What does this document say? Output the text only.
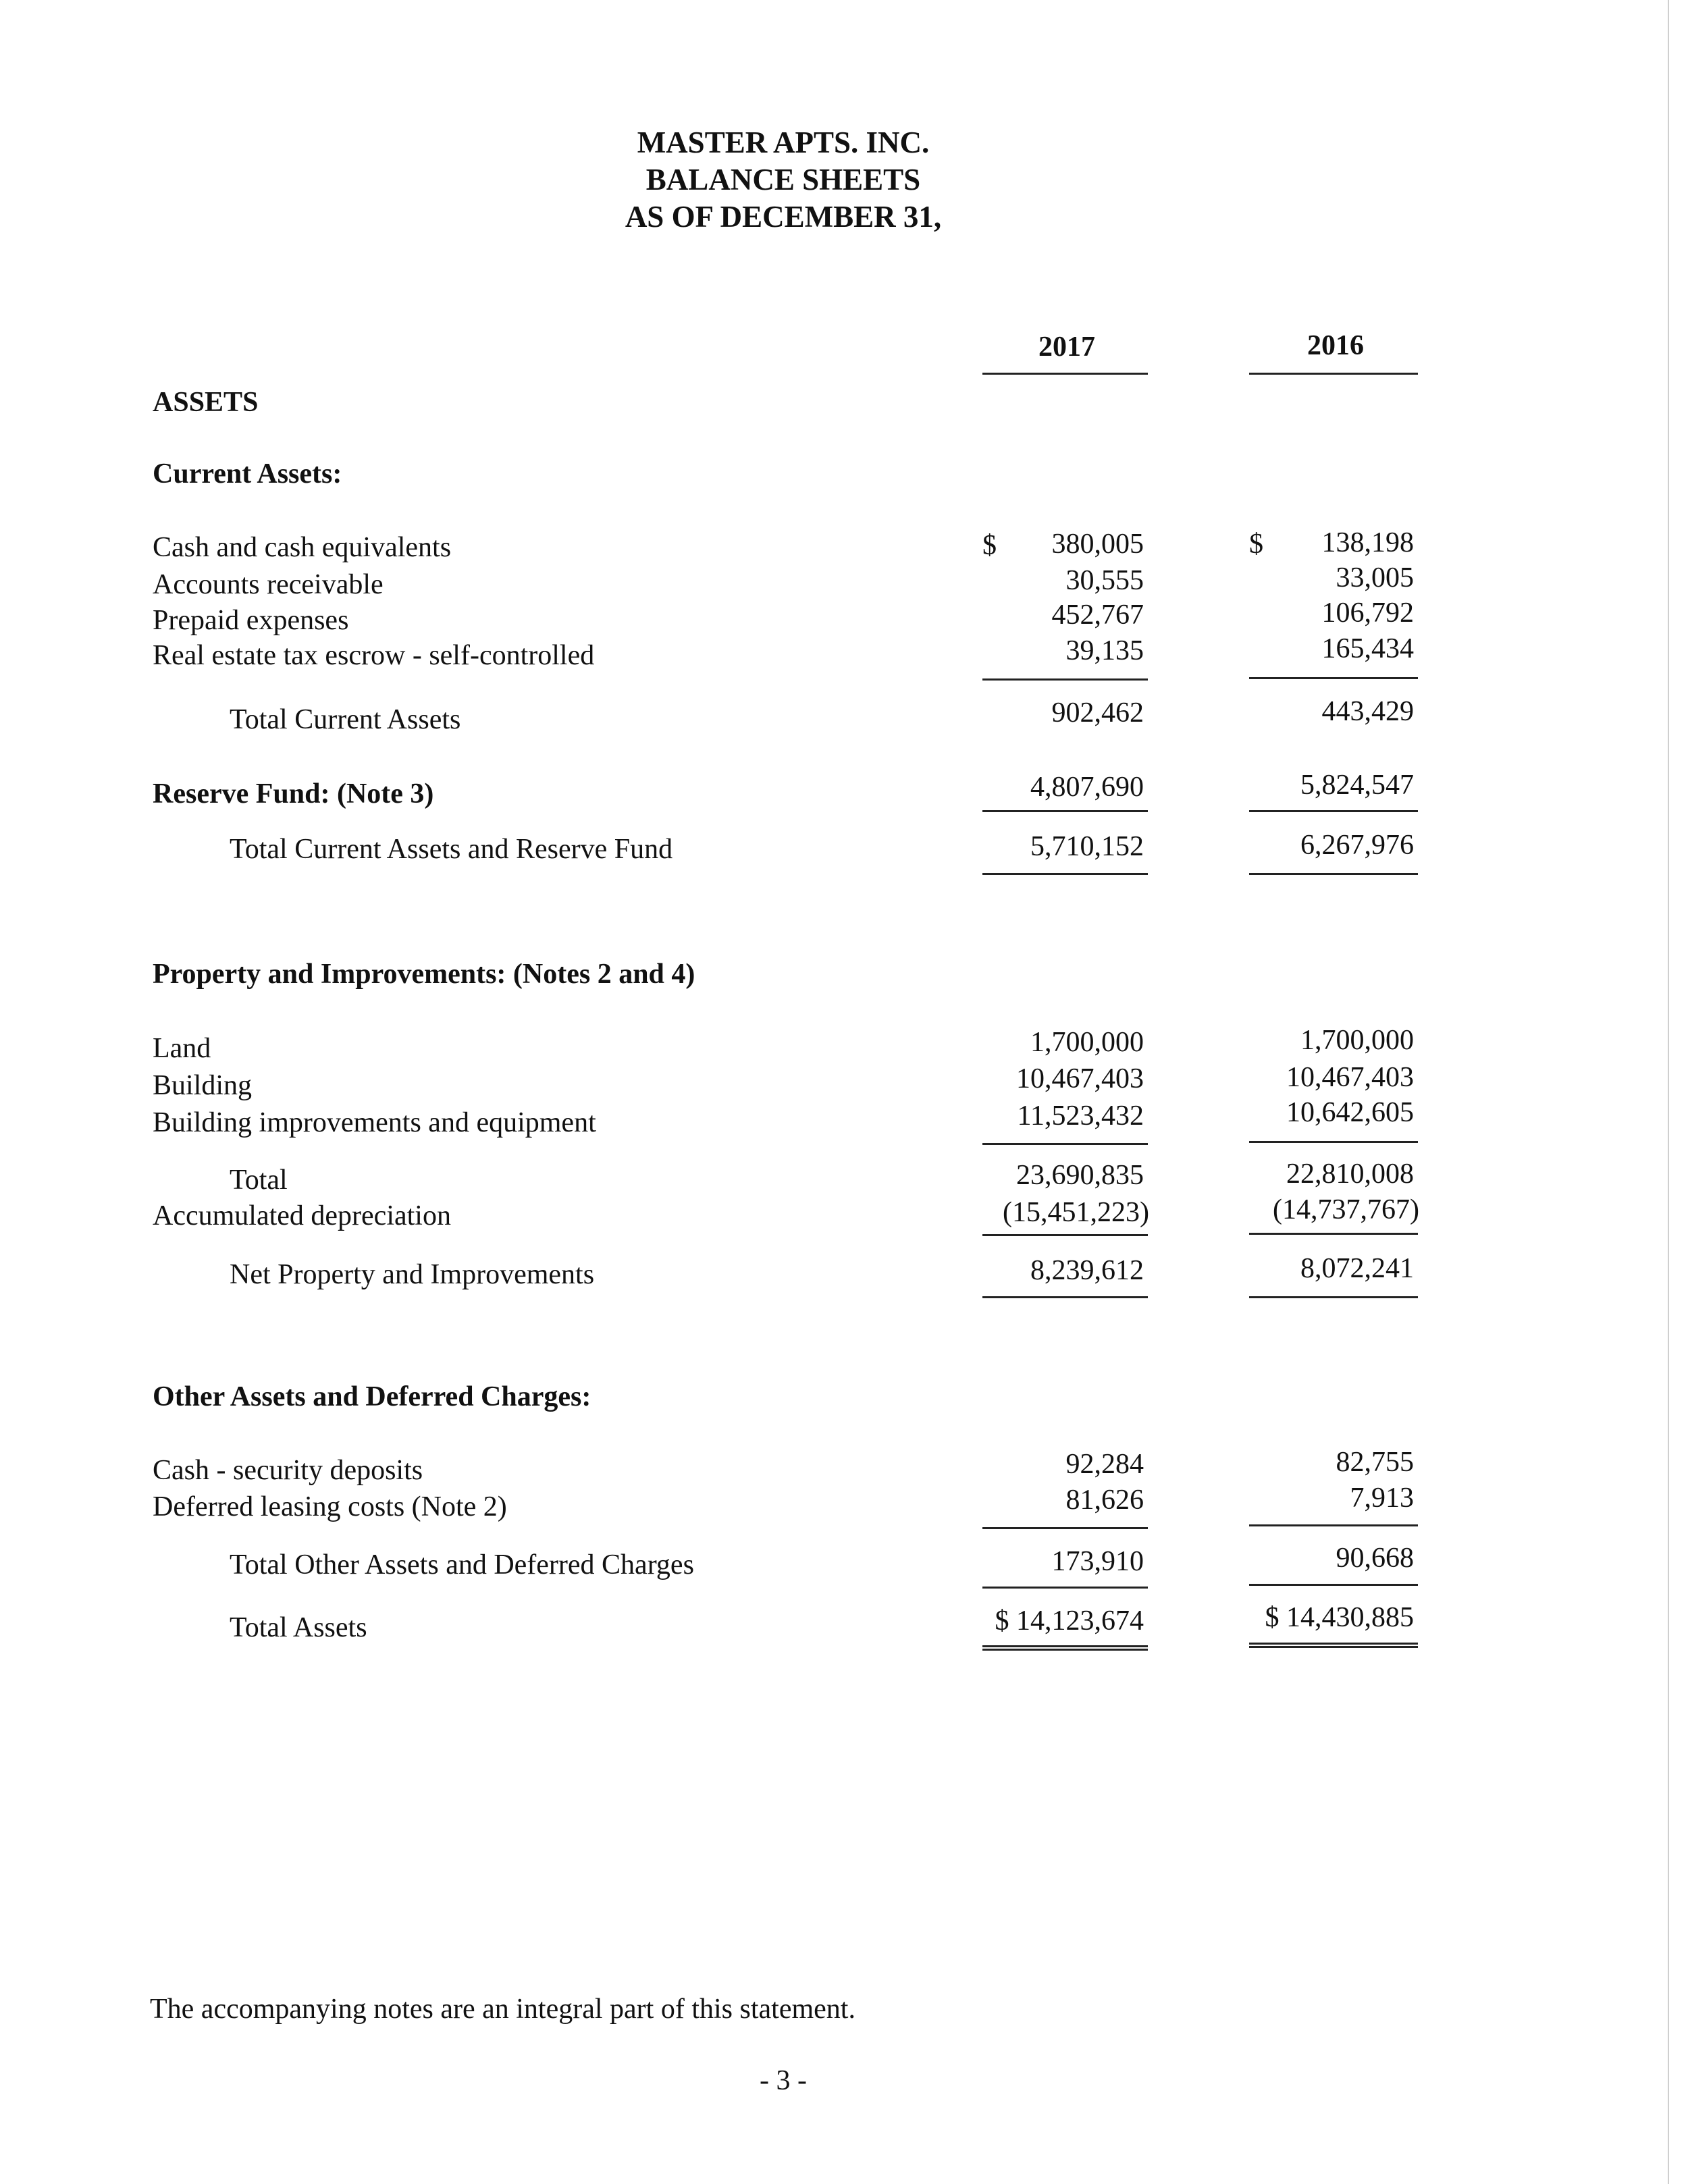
MASTER APTS. INC.
BALANCE SHEETS
AS OF DECEMBER 31,
2017	2016
ASSETS
Current Assets:
$	$
Cash and cash equivalents	380,005	138,198
Accounts receivable	30,555	33,005
Prepaid expenses	452,767	106,792
Real estate tax escrow - self-controlled	39,135	165,434
Total Current Assets	902,462	443,429
Reserve Fund: (Note 3)	4,807,690	5,824,547
Total Current Assets and Reserve Fund	5,710,152	6,267,976
Property and Improvements: (Notes 2 and 4)
Land	1,700,000	1,700,000
Building	10,467,403	10,467,403
Building improvements and equipment	11,523,432	10,642,605
Total	23,690,835	22,810,008
Accumulated depreciation	(15,451,223)	(14,737,767)
Net Property and Improvements	8,239,612	8,072,241
Other Assets and Deferred Charges:
Cash - security deposits	92,284	82,755
Deferred leasing costs (Note 2)	81,626	7,913
Total Other Assets and Deferred Charges	173,910	90,668
Total Assets	$ 14,123,674	$ 14,430,885
The accompanying notes are an integral part of this statement.
- 3 -
